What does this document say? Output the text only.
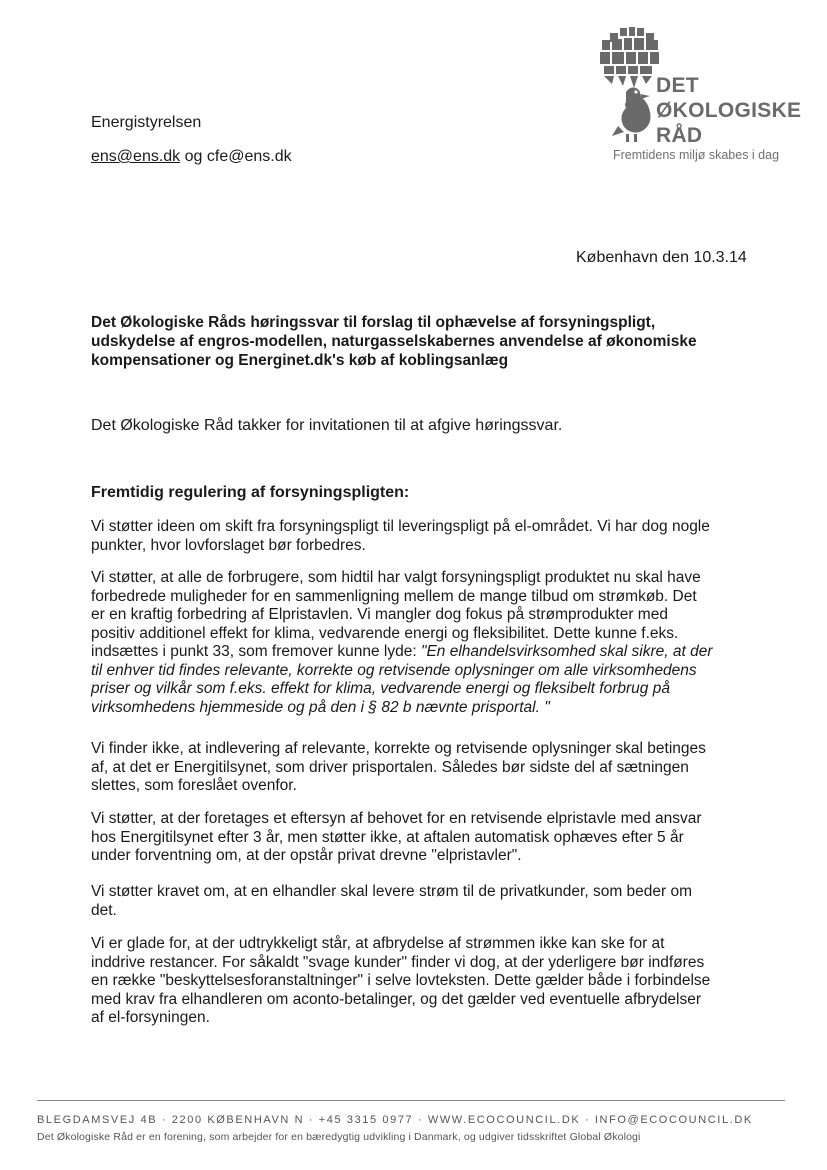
Energistyrelsen
ens@ens.dk og cfe@ens.dk
DET
ØKOLOGISKE
RÅD
Fremtidens miljø skabes i dag
København den 10.3.14
Det Økologiske Råds høringssvar til forslag til ophævelse af forsyningspligt,
udskydelse af engros-modellen, naturgasselskabernes anvendelse af økonomiske
kompensationer og Energinet.dk's køb af koblingsanlæg
Det Økologiske Råd takker for invitationen til at afgive høringssvar.
Fremtidig regulering af forsyningspligten:
Vi støtter ideen om skift fra forsyningspligt til leveringspligt på el-området. Vi har dog nogle
punkter, hvor lovforslaget bør forbedres.
Vi støtter, at alle de forbrugere, som hidtil har valgt forsyningspligt produktet nu skal have
forbedrede muligheder for en sammenligning mellem de mange tilbud om strømkøb. Det
er en kraftig forbedring af Elpristavlen. Vi mangler dog fokus på strømprodukter med
positiv additionel effekt for klima, vedvarende energi og fleksibilitet. Dette kunne f.eks.
indsættes i punkt 33, som fremover kunne lyde: "En elhandelsvirksomhed skal sikre, at der
til enhver tid findes relevante, korrekte og retvisende oplysninger om alle virksomhedens
priser og vilkår som f.eks. effekt for klima, vedvarende energi og fleksibelt forbrug på
virksomhedens hjemmeside og på den i § 82 b nævnte prisportal. "
Vi finder ikke, at indlevering af relevante, korrekte og retvisende oplysninger skal betinges
af, at det er Energitilsynet, som driver prisportalen. Således bør sidste del af sætningen
slettes, som foreslået ovenfor.
Vi støtter, at der foretages et eftersyn af behovet for en retvisende elpristavle med ansvar
hos Energitilsynet efter 3 år, men støtter ikke, at aftalen automatisk ophæves efter 5 år
under forventning om, at der opstår privat drevne "elpristavler".
Vi støtter kravet om, at en elhandler skal levere strøm til de privatkunder, som beder om
det.
Vi er glade for, at der udtrykkeligt står, at afbrydelse af strømmen ikke kan ske for at
inddrive restancer. For såkaldt "svage kunder" finder vi dog, at der yderligere bør indføres
en række "beskyttelsesforanstaltninger" i selve lovteksten. Dette gælder både i forbindelse
med krav fra elhandleren om aconto-betalinger, og det gælder ved eventuelle afbrydelser
af el-forsyningen.
BLEGDAMSVEJ 4B · 2200 KØBENHAVN N · +45 3315 0977 · WWW.ECOCOUNCIL.DK · INFO@ECOCOUNCIL.DK
Det Økologiske Råd er en forening, som arbejder for en bæredygtig udvikling i Danmark, og udgiver tidsskriftet Global Økologi
